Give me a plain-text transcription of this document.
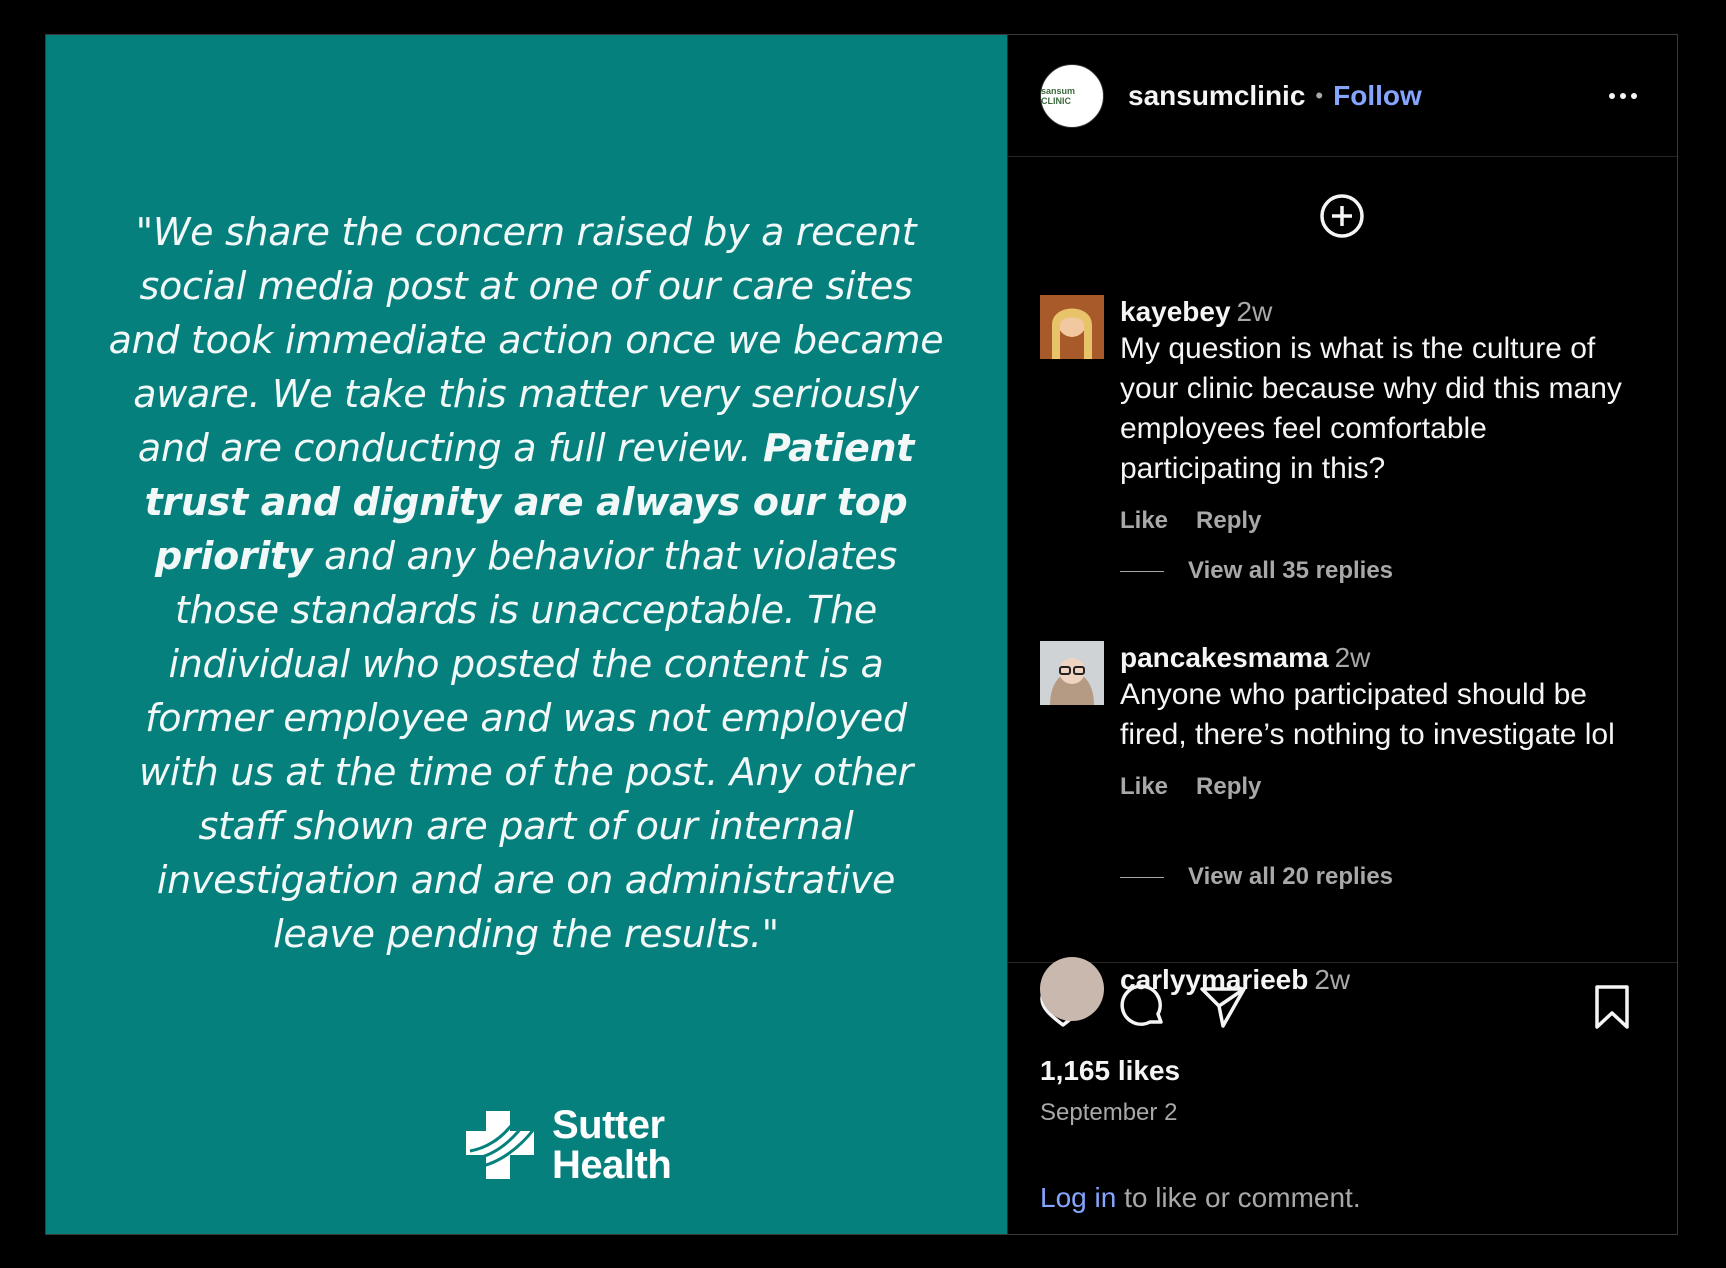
"We share the concern raised by a recent social media post at one of our care sites and took immediate action once we became aware. We take this matter very seriously and are conducting a full review. Patient trust and dignity are always our top priority and any behavior that violates those standards is unacceptable. The individual who posted the content is a former employee and was not employed with us at the time of the post. Any other staff shown are part of our internal investigation and are on administrative leave pending the results."

Sutter
Health
sansum CLINIC	sansumclinic • Follow
kayebey 2w
My question is what is the culture of your clinic because why did this many employees feel comfortable participating in this?
Like Reply
View all 35 replies
pancakesmama 2w
Anyone who participated should be fired, there’s nothing to investigate lol
Like Reply
View all 20 replies
carlyymarieeb 2w
1,165 likes
September 2
Log in to like or comment.
